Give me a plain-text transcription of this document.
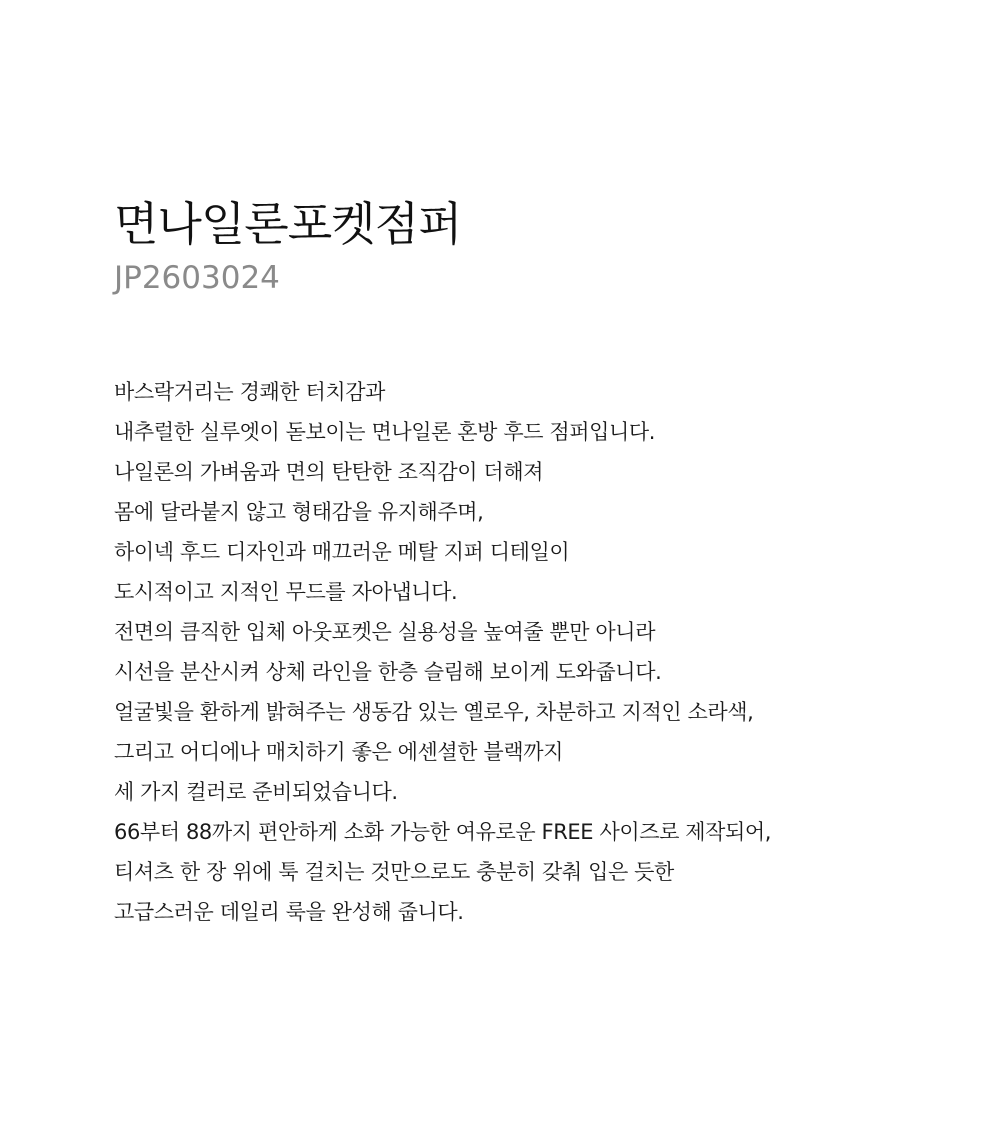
면나일론포켓점퍼

JP2603024

바스락거리는 경쾌한 터치감과
내추럴한 실루엣이 돋보이는 면나일론 혼방 후드 점퍼입니다.
나일론의 가벼움과 면의 탄탄한 조직감이 더해져
몸에 달라붙지 않고 형태감을 유지해주며,
하이넥 후드 디자인과 매끄러운 메탈 지퍼 디테일이
도시적이고 지적인 무드를 자아냅니다.
전면의 큼직한 입체 아웃포켓은 실용성을 높여줄 뿐만 아니라
시선을 분산시켜 상체 라인을 한층 슬림해 보이게 도와줍니다.
얼굴빛을 환하게 밝혀주는 생동감 있는 옐로우, 차분하고 지적인 소라색,
그리고 어디에나 매치하기 좋은 에센셜한 블랙까지
세 가지 컬러로 준비되었습니다.
66부터 88까지 편안하게 소화 가능한 여유로운 FREE 사이즈로 제작되어,
티셔츠 한 장 위에 툭 걸치는 것만으로도 충분히 갖춰 입은 듯한
고급스러운 데일리 룩을 완성해 줍니다.
